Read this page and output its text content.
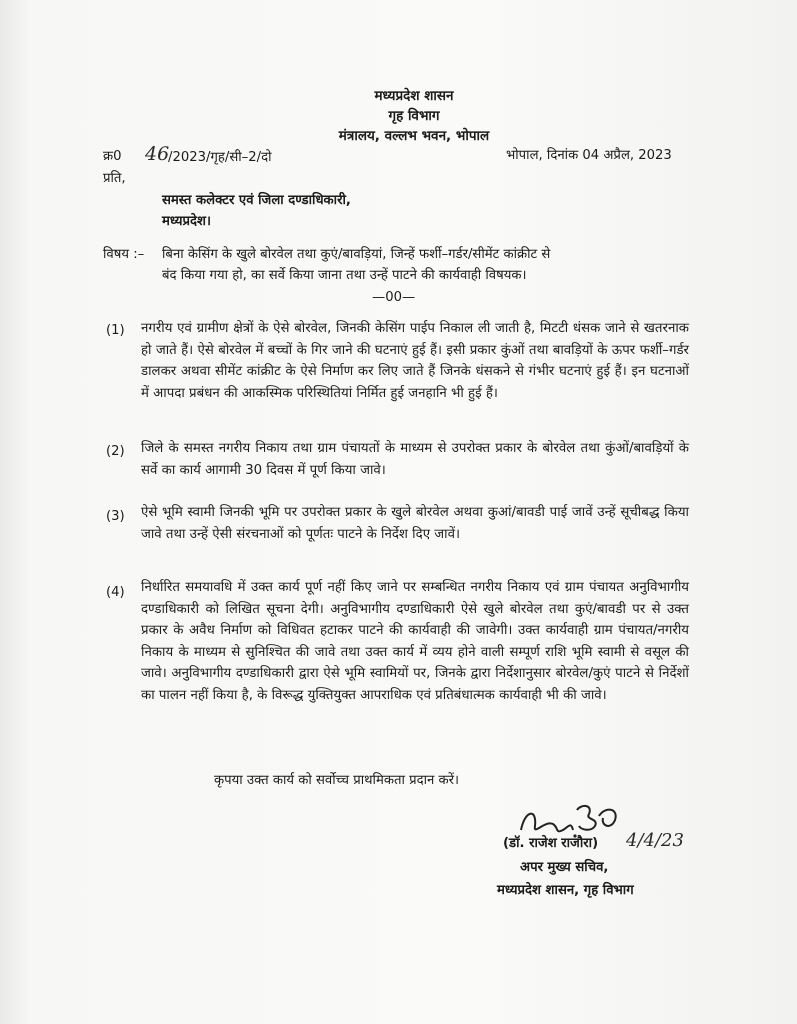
मध्यप्रदेश शासन
गृह विभाग
मंत्रालय, वल्लभ भवन, भोपाल
क्र0 46
/2023/गृह/सी–2/दो	भोपाल, दिनांक 04 अप्रैल, 2023
प्रति,
समस्त कलेक्टर एवं जिला दण्डाधिकारी,
मध्यप्रदेश।
विषय :– बिना केसिंग के खुले बोरवेल तथा कुएं/बावड़ियां, जिन्हें फर्शी–गर्डर/सीमेंट कांक्रीट से
बंद किया गया हो, का सर्वे किया जाना तथा उन्हें पाटने की कार्यवाही विषयक।
—00—
(1) नगरीय एवं ग्रामीण क्षेत्रों के ऐसे बोरवेल, जिनकी केसिंग पाईप निकाल ली जाती है, मिटटी धंसक जाने से खतरनाक हो जाते हैं। ऐसे बोरवेल में बच्चों के गिर जाने की घटनाएं हुई हैं। इसी प्रकार कुंओं तथा बावड़ियों के ऊपर फर्शी–गर्डर डालकर अथवा सीमेंट कांक्रीट के ऐसे निर्माण कर लिए जाते हैं जिनके धंसकने से गंभीर घटनाएं हुई हैं। इन घटनाओं में आपदा प्रबंधन की आकस्मिक परिस्थितियां निर्मित हुई जनहानि भी हुई हैं।
(2) जिले के समस्त नगरीय निकाय तथा ग्राम पंचायतों के माध्यम से उपरोक्त प्रकार के बोरवेल तथा कुंओं/बावड़ियों के सर्वे का कार्य आगामी 30 दिवस में पूर्ण किया जावे।
(3) ऐसे भूमि स्वामी जिनकी भूमि पर उपरोक्त प्रकार के खुले बोरवेल अथवा कुआं/बावडी पाई जावें उन्हें सूचीबद्ध किया जावे तथा उन्हें ऐसी संरचनाओं को पूर्णतः पाटने के निर्देश दिए जावें।
(4) निर्धारित समयावधि में उक्त कार्य पूर्ण नहीं किए जाने पर सम्बन्धित नगरीय निकाय एवं ग्राम पंचायत अनुविभागीय दण्डाधिकारी को लिखित सूचना देगी। अनुविभागीय दण्डाधिकारी ऐसे खुले बोरवेल तथा कुएं/बावडी पर से उक्त प्रकार के अवैध निर्माण को विधिवत हटाकर पाटने की कार्यवाही की जावेगी। उक्त कार्यवाही ग्राम पंचायत/नगरीय निकाय के माध्यम से सुनिश्चित की जावे तथा उक्त कार्य में व्यय होने वाली सम्पूर्ण राशि भूमि स्वामी से वसूल की जावे। अनुविभागीय दण्डाधिकारी द्वारा ऐसे भूमि स्वामियों पर, जिनके द्वारा निर्देशानुसार बोरवेल/कुएं पाटने से निर्देशों का पालन नहीं किया है, के विरूद्ध युक्तियुक्त आपराधिक एवं प्रतिबंधात्मक कार्यवाही भी की जावे।
कृपया उक्त कार्य को सर्वोच्च प्राथमिकता प्रदान करें।
(डॉ. राजेश राजौरा) 4/4/23
अपर मुख्य सचिव,
मध्यप्रदेश शासन, गृह विभाग
